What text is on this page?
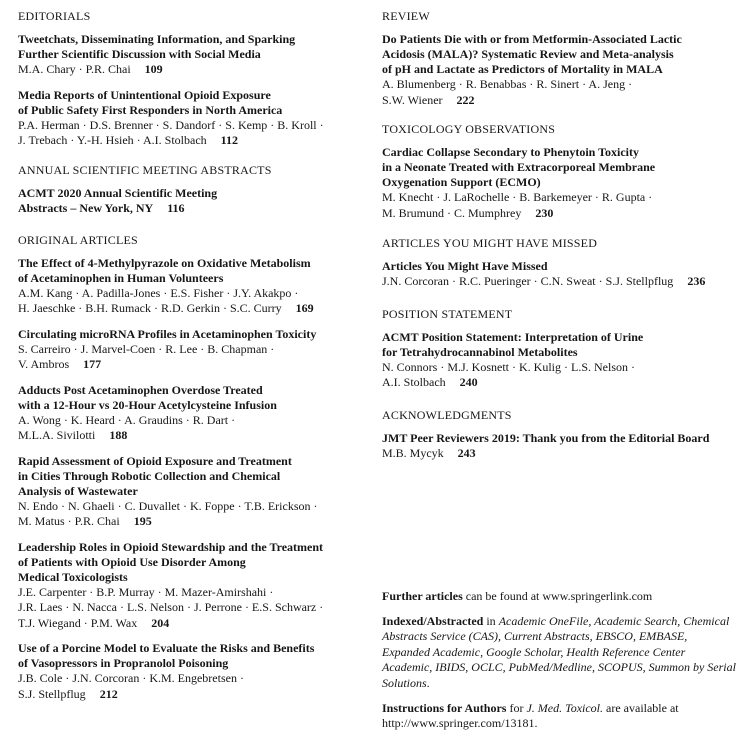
EDITORIALS
Tweetchats, Disseminating Information, and Sparking
Further Scientific Discussion with Social Media
M.A. Chary · P.R. Chai 109
Media Reports of Unintentional Opioid Exposure
of Public Safety First Responders in North America
P.A. Herman · D.S. Brenner · S. Dandorf · S. Kemp · B. Kroll ·
J. Trebach · Y.-H. Hsieh · A.I. Stolbach 112
ANNUAL SCIENTIFIC MEETING ABSTRACTS
ACMT 2020 Annual Scientific Meeting
Abstracts – New York, NY 116
ORIGINAL ARTICLES
The Effect of 4-Methylpyrazole on Oxidative Metabolism
of Acetaminophen in Human Volunteers
A.M. Kang · A. Padilla-Jones · E.S. Fisher · J.Y. Akakpo ·
H. Jaeschke · B.H. Rumack · R.D. Gerkin · S.C. Curry 169
Circulating microRNA Profiles in Acetaminophen Toxicity
S. Carreiro · J. Marvel-Coen · R. Lee · B. Chapman ·
V. Ambros 177
Adducts Post Acetaminophen Overdose Treated
with a 12-Hour vs 20-Hour Acetylcysteine Infusion
A. Wong · K. Heard · A. Graudins · R. Dart ·
M.L.A. Sivilotti 188
Rapid Assessment of Opioid Exposure and Treatment
in Cities Through Robotic Collection and Chemical
Analysis of Wastewater
N. Endo · N. Ghaeli · C. Duvallet · K. Foppe · T.B. Erickson ·
M. Matus · P.R. Chai 195
Leadership Roles in Opioid Stewardship and the Treatment
of Patients with Opioid Use Disorder Among
Medical Toxicologists
J.E. Carpenter · B.P. Murray · M. Mazer-Amirshahi ·
J.R. Laes · N. Nacca · L.S. Nelson · J. Perrone · E.S. Schwarz ·
T.J. Wiegand · P.M. Wax 204
Use of a Porcine Model to Evaluate the Risks and Benefits
of Vasopressors in Propranolol Poisoning
J.B. Cole · J.N. Corcoran · K.M. Engebretsen ·
S.J. Stellpflug 212
REVIEW
Do Patients Die with or from Metformin-Associated Lactic
Acidosis (MALA)? Systematic Review and Meta-analysis
of pH and Lactate as Predictors of Mortality in MALA
A. Blumenberg · R. Benabbas · R. Sinert · A. Jeng ·
S.W. Wiener 222
TOXICOLOGY OBSERVATIONS
Cardiac Collapse Secondary to Phenytoin Toxicity
in a Neonate Treated with Extracorporeal Membrane
Oxygenation Support (ECMO)
M. Knecht · J. LaRochelle · B. Barkemeyer · R. Gupta ·
M. Brumund · C. Mumphrey 230
ARTICLES YOU MIGHT HAVE MISSED
Articles You Might Have Missed
J.N. Corcoran · R.C. Pueringer · C.N. Sweat · S.J. Stellpflug 236
POSITION STATEMENT
ACMT Position Statement: Interpretation of Urine
for Tetrahydrocannabinol Metabolites
N. Connors · M.J. Kosnett · K. Kulig · L.S. Nelson ·
A.I. Stolbach 240
ACKNOWLEDGMENTS
JMT Peer Reviewers 2019: Thank you from the Editorial Board
M.B. Mycyk 243

Further articles can be found at www.springerlink.com

Indexed/Abstracted in Academic OneFile, Academic Search, Chemical Abstracts Service (CAS), Current Abstracts, EBSCO, EMBASE, Expanded Academic, Google Scholar, Health Reference Center Academic, IBIDS, OCLC, PubMed/Medline, SCOPUS, Summon by Serial Solutions.

Instructions for Authors for J. Med. Toxicol. are available at http://www.springer.com/13181.
